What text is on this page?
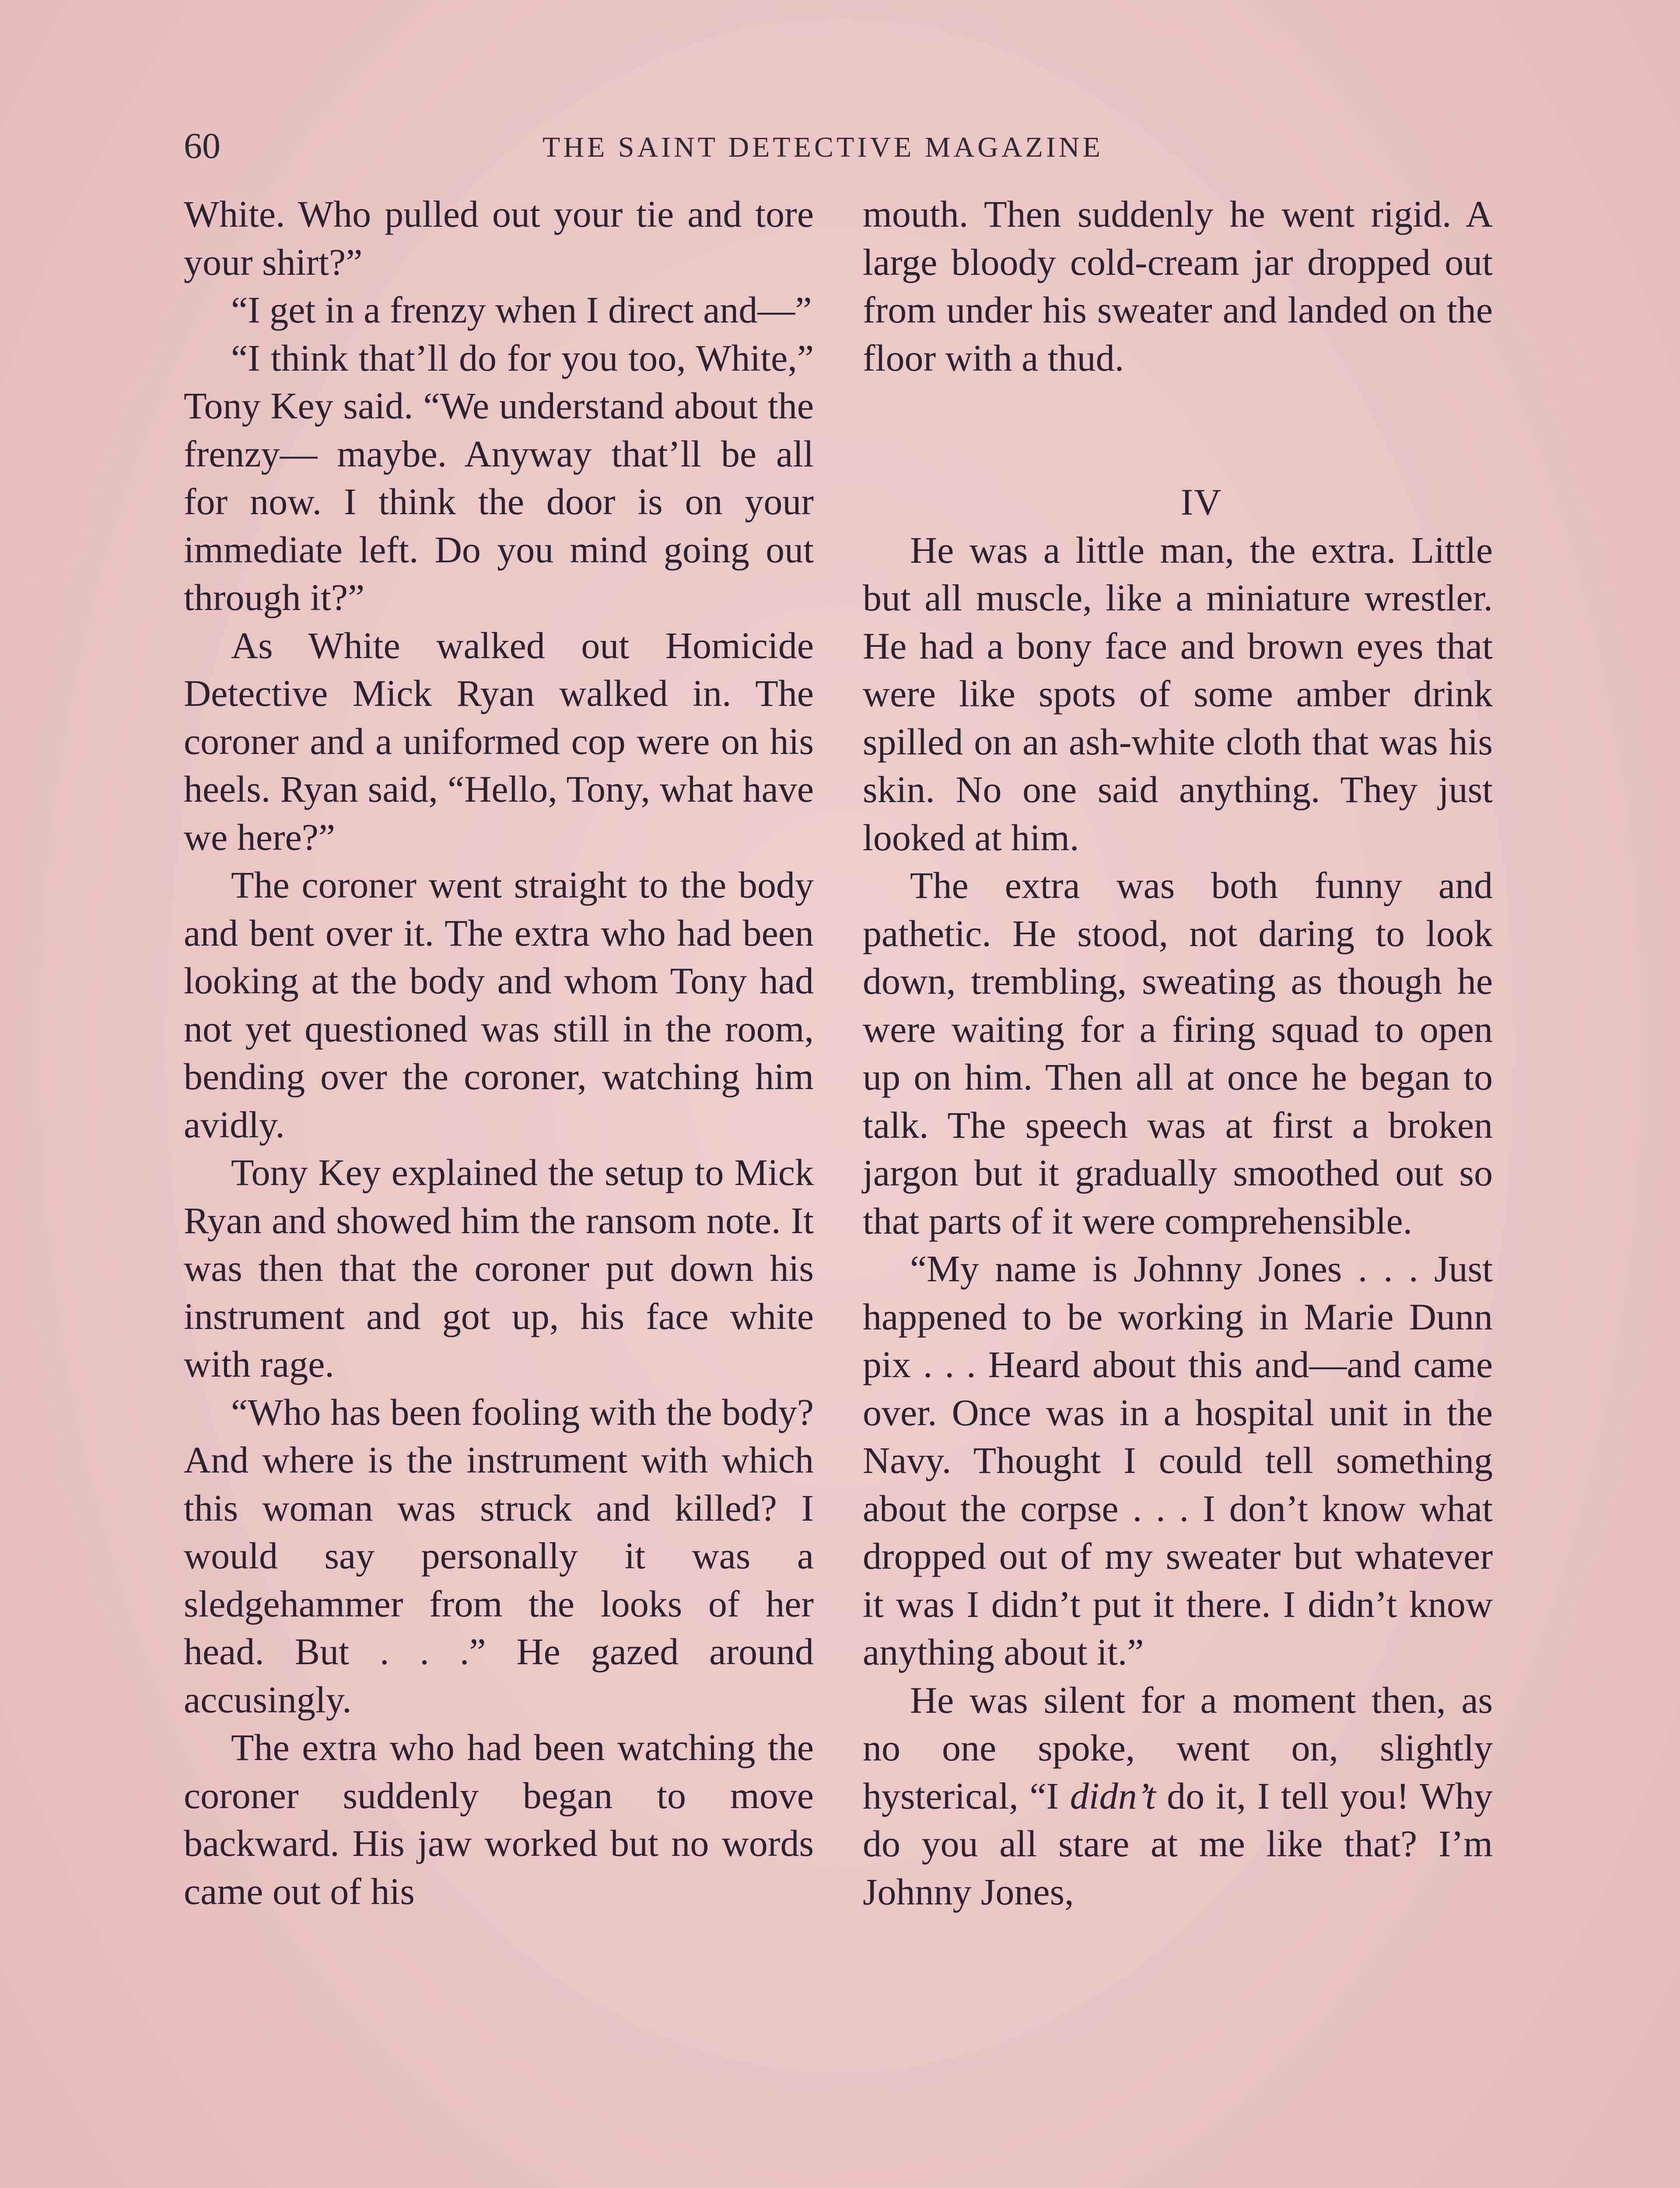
60	THE SAINT DETECTIVE MAGAZINE

White. Who pulled out your tie and tore your shirt?”

“I get in a frenzy when I direct and—”

“I think that’ll do for you too, White,” Tony Key said. “We understand about the frenzy— maybe. Anyway that’ll be all for now. I think the door is on your immediate left. Do you mind going out through it?”

As White walked out Homicide Detective Mick Ryan walked in. The coroner and a uniformed cop were on his heels. Ryan said, “Hello, Tony, what have we here?”

The coroner went straight to the body and bent over it. The extra who had been looking at the body and whom Tony had not yet questioned was still in the room, bending over the coroner, watching him avidly.

Tony Key explained the setup to Mick Ryan and showed him the ransom note. It was then that the coroner put down his instrument and got up, his face white with rage.

“Who has been fooling with the body? And where is the instrument with which this woman was struck and killed? I would say personally it was a sledgehammer from the looks of her head. But . . .” He gazed around accusingly.

The extra who had been watching the coroner suddenly began to move backward. His jaw worked but no words came out of his

mouth. Then suddenly he went rigid. A large bloody cold-cream jar dropped out from under his sweater and landed on the floor with a thud.

IV

He was a little man, the extra. Little but all muscle, like a miniature wrestler. He had a bony face and brown eyes that were like spots of some amber drink spilled on an ash-white cloth that was his skin. No one said anything. They just looked at him.

The extra was both funny and pathetic. He stood, not daring to look down, trembling, sweating as though he were waiting for a firing squad to open up on him. Then all at once he began to talk. The speech was at first a broken jargon but it gradually smoothed out so that parts of it were comprehensible.

“My name is Johnny Jones . . . Just happened to be working in Marie Dunn pix . . . Heard about this and—and came over. Once was in a hospital unit in the Navy. Thought I could tell something about the corpse . . . I don’t know what dropped out of my sweater but whatever it was I didn’t put it there. I didn’t know anything about it.”

He was silent for a moment then, as no one spoke, went on, slightly hysterical, “I didn’t do it, I tell you! Why do you all stare at me like that? I’m Johnny Jones,
